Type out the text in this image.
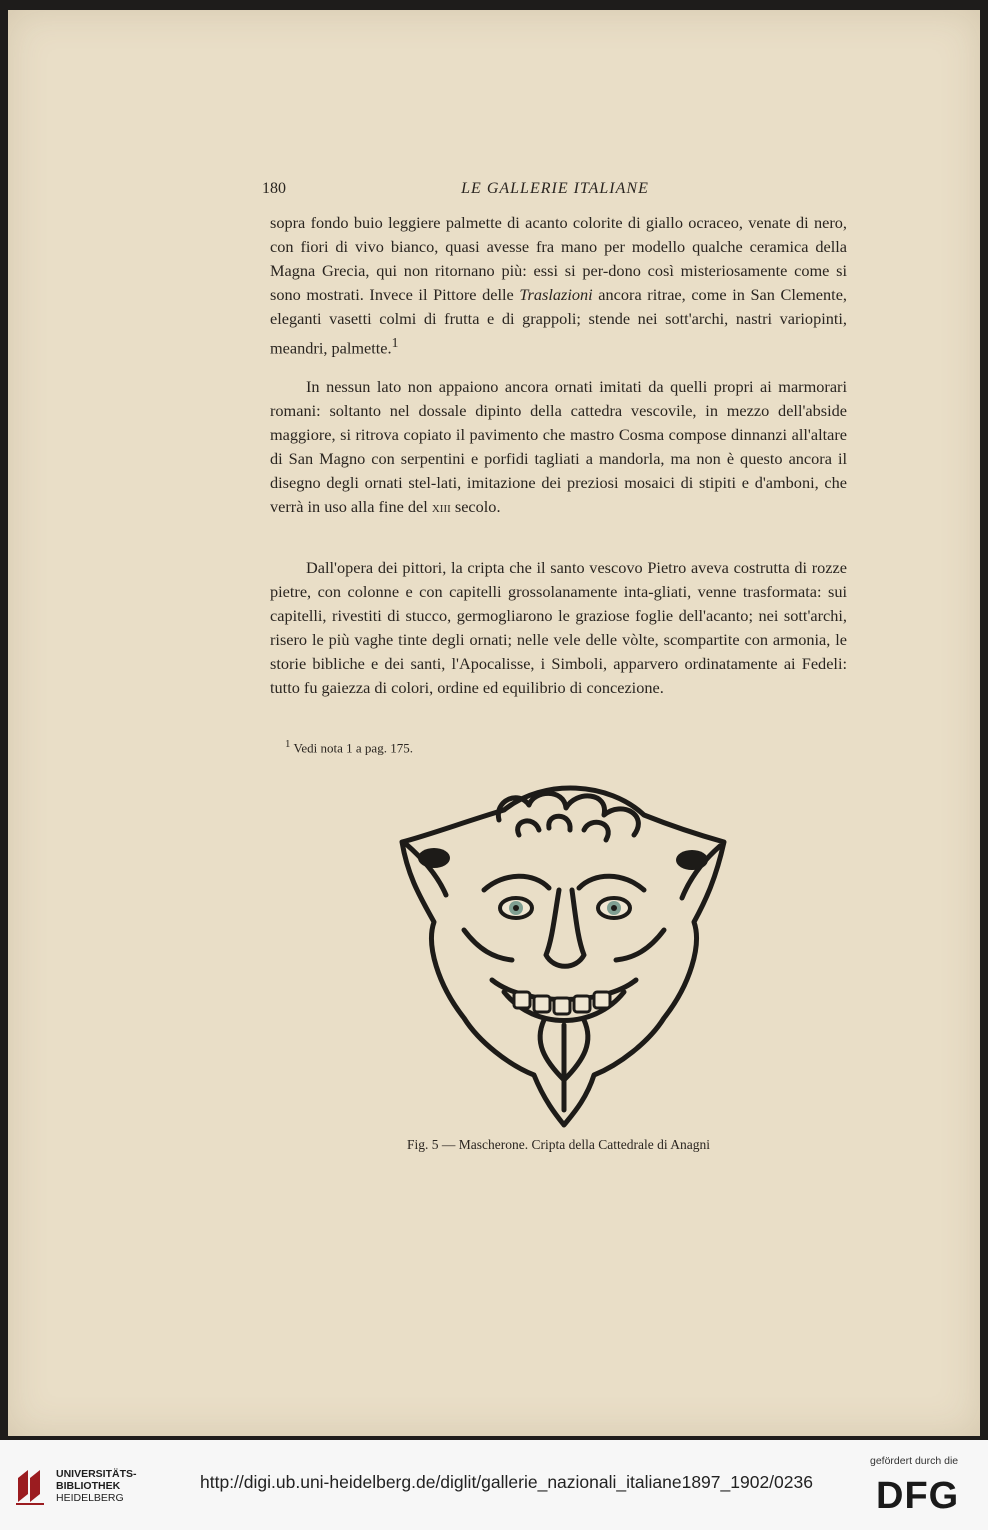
180	LE GALLERIE ITALIANE

sopra fondo buio leggiere palmette di acanto colorite di giallo ocraceo, venate di nero, con fiori di vivo bianco, quasi avesse fra mano per modello qualche ceramica della Magna Grecia, qui non ritornano più: essi si per-dono così misteriosamente come si sono mostrati. Invece il Pittore delle Traslazioni ancora ritrae, come in San Clemente, eleganti vasetti colmi di frutta e di grappoli; stende nei sott'archi, nastri variopinti, meandri, palmette.$^1$

In nessun lato non appaiono ancora ornati imitati da quelli propri ai marmorari romani: soltanto nel dossale dipinto della cattedra vescovile, in mezzo dell'abside maggiore, si ritrova copiato il pavimento che mastro Cosma compose dinnanzi all'altare di San Magno con serpentini e porfidi tagliati a mandorla, ma non è questo ancora il disegno degli ornati stel-lati, imitazione dei preziosi mosaici di stipiti e d'amboni, che verrà in uso alla fine del xiii secolo.

Dall'opera dei pittori, la cripta che il santo vescovo Pietro aveva costrutta di rozze pietre, con colonne e con capitelli grossolanamente inta-gliati, venne trasformata: sui capitelli, rivestiti di stucco, germogliarono le graziose foglie dell'acanto; nei sott'archi, risero le più vaghe tinte degli ornati; nelle vele delle vòlte, scompartite con armonia, le storie bibliche e dei santi, l'Apocalisse, i Simboli, apparvero ordinatamente ai Fedeli: tutto fu gaiezza di colori, ordine ed equilibrio di concezione.

$^1$ Vedi nota 1 a pag. 175.
Fig. 5 — Mascherone. Cripta della Cattedrale di Anagni
UNIVERSITÄTS-
BIBLIOTHEK
HEIDELBERG
http://digi.ub.uni-heidelberg.de/diglit/gallerie_nazionali_italiane1897_1902/0236
gefördert durch die
DFG
